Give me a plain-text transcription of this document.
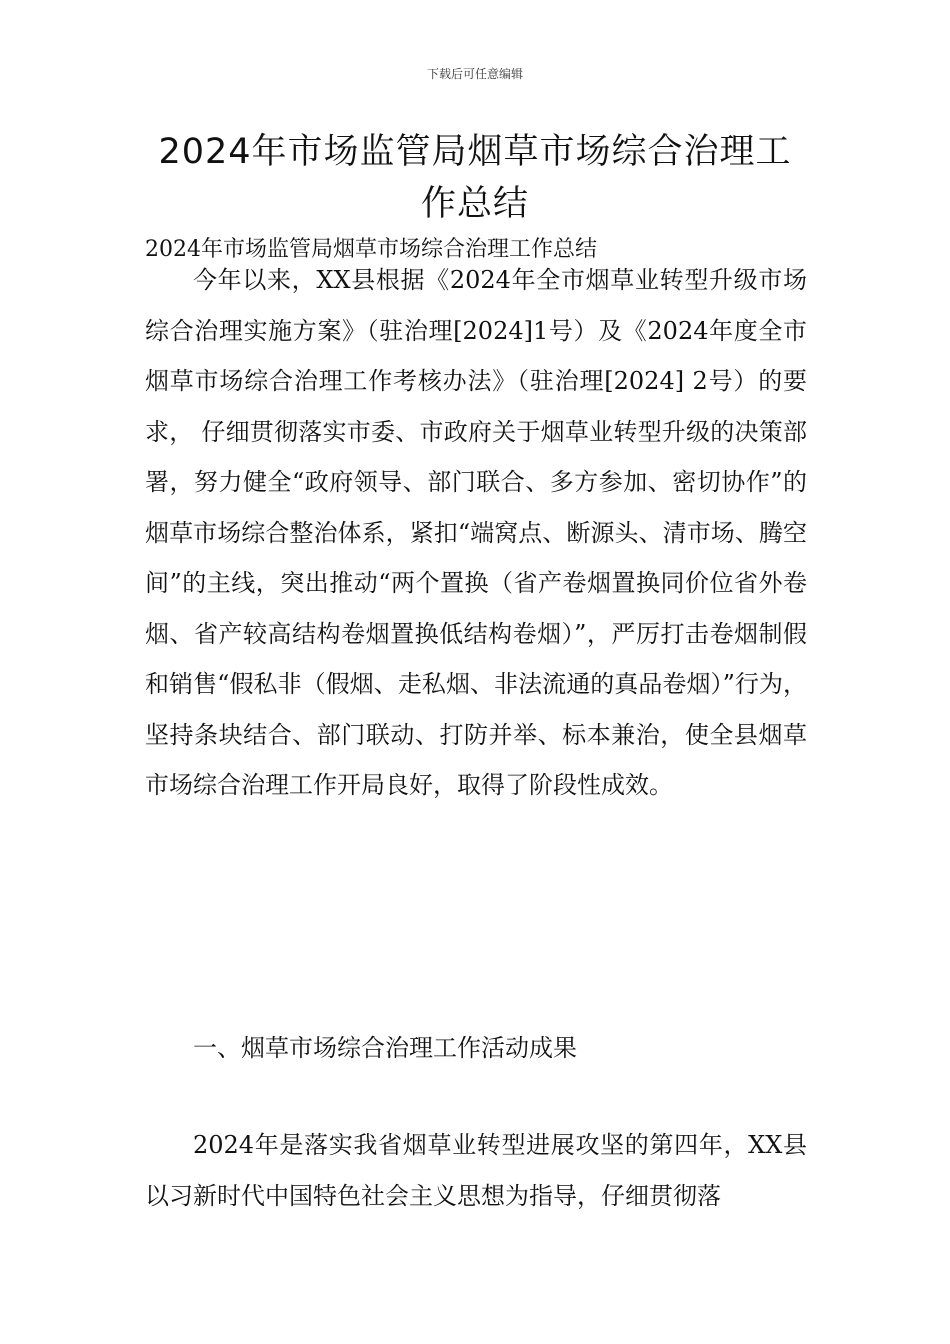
下载后可任意编辑
2024年市场监管局烟草市场综合治理工作总结

2024年市场监管局烟草市场综合治理工作总结

今年以来，XX县根据《2024年全市烟草业转型升级市场综合治理实施方案》（驻治理[2024]1号）及《2024年度全市烟草市场综合治理工作考核办法》（驻治理[2024] 2号）的要求， 仔细贯彻落实市委、市政府关于烟草业转型升级的决策部署，努力健全“政府领导、部门联合、多方参加、密切协作”的烟草市场综合整治体系，紧扣“端窝点、断源头、清市场、腾空间”的主线，突出推动“两个置换（省产卷烟置换同价位省外卷烟、省产较高结构卷烟置换低结构卷烟）”，严厉打击卷烟制假和销售“假私非（假烟、走私烟、非法流通的真品卷烟）”行为，坚持条块结合、部门联动、打防并举、标本兼治，使全县烟草市场综合治理工作开局良好，取得了阶段性成效。

一、烟草市场综合治理工作活动成果

2024年是落实我省烟草业转型进展攻坚的第四年，XX县以习新时代中国特色社会主义思想为指导，仔细贯彻落
